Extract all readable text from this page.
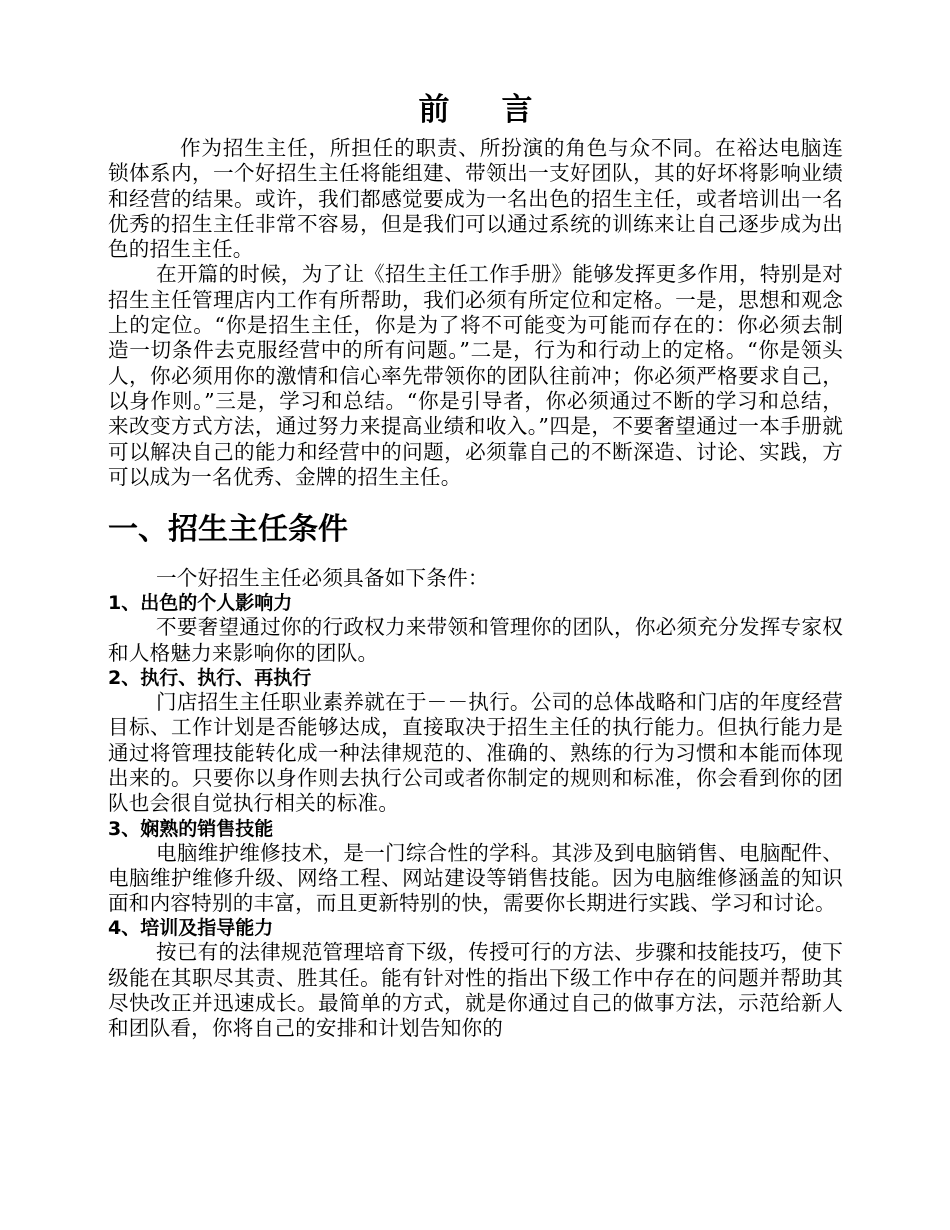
前言

作为招生主任，所担任的职责、所扮演的角色与众不同。在裕达电脑连锁体系内，一个好招生主任将能组建、带领出一支好团队，其的好坏将影响业绩和经营的结果。或许，我们都感觉要成为一名出色的招生主任，或者培训出一名优秀的招生主任非常不容易，但是我们可以通过系统的训练来让自己逐步成为出色的招生主任。

在开篇的时候，为了让《招生主任工作手册》能够发挥更多作用，特别是对招生主任管理店内工作有所帮助，我们必须有所定位和定格。一是，思想和观念上的定位。“你是招生主任，你是为了将不可能变为可能而存在的：你必须去制造一切条件去克服经营中的所有问题。”二是，行为和行动上的定格。“你是领头人，你必须用你的激情和信心率先带领你的团队往前冲；你必须严格要求自己，以身作则。”三是，学习和总结。“你是引导者，你必须通过不断的学习和总结，来改变方式方法，通过努力来提高业绩和收入。”四是，不要奢望通过一本手册就可以解决自己的能力和经营中的问题，必须靠自己的不断深造、讨论、实践，方可以成为一名优秀、金牌的招生主任。

一、招生主任条件

一个好招生主任必须具备如下条件：

1、出色的个人影响力

不要奢望通过你的行政权力来带领和管理你的团队，你必须充分发挥专家权和人格魅力来影响你的团队。

2、执行、执行、再执行

门店招生主任职业素养就在于－－执行。公司的总体战略和门店的年度经营目标、工作计划是否能够达成，直接取决于招生主任的执行能力。但执行能力是通过将管理技能转化成一种法律规范的、准确的、熟练的行为习惯和本能而体现出来的。只要你以身作则去执行公司或者你制定的规则和标准，你会看到你的团队也会很自觉执行相关的标准。

3、娴熟的销售技能

电脑维护维修技术，是一门综合性的学科。其涉及到电脑销售、电脑配件、电脑维护维修升级、网络工程、网站建设等销售技能。因为电脑维修涵盖的知识面和内容特别的丰富，而且更新特别的快，需要你长期进行实践、学习和讨论。

4、培训及指导能力

按已有的法律规范管理培育下级，传授可行的方法、步骤和技能技巧，使下级能在其职尽其责、胜其任。能有针对性的指出下级工作中存在的问题并帮助其尽快改正并迅速成长。最简单的方式，就是你通过自己的做事方法，示范给新人和团队看，你将自己的安排和计划告知你的
